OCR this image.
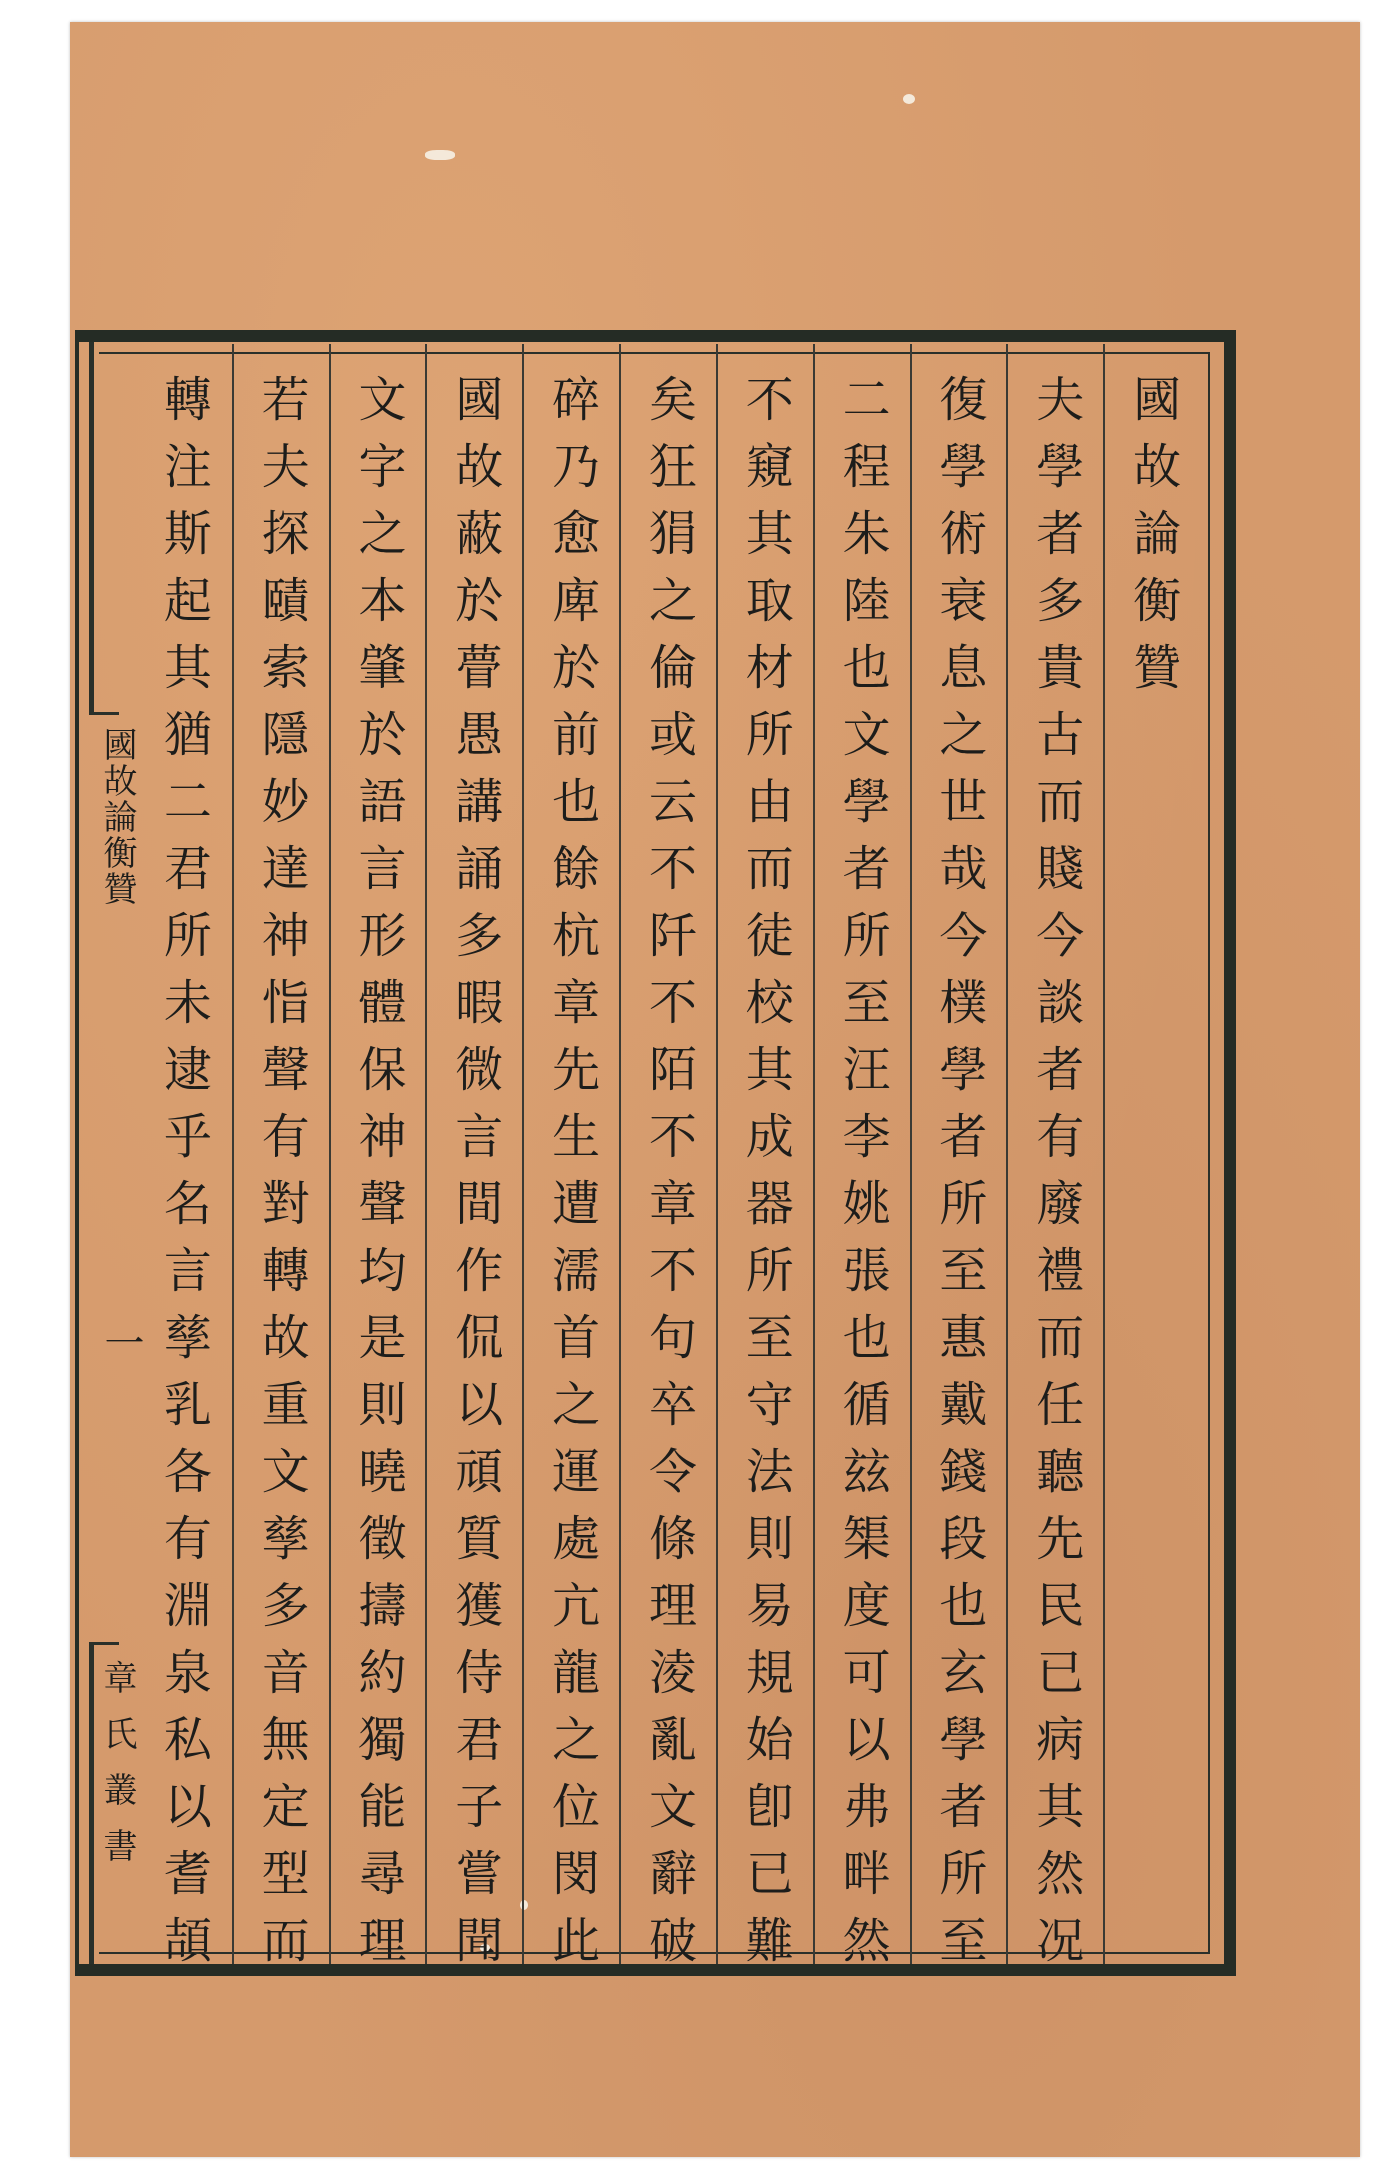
國故論衡贊
一
章氏叢書
國故論衡贊
夫學者多貴古而賤今談者有廢禮而任聽先民已病其然况
復學術衰息之世哉今樸學者所至惠戴錢段也玄學者所至
二程朱陸也文學者所至汪李姚張也循玆榘度可以弗畔然
不窺其取材所由而徒校其成器所至守法則易規始卽已難
矣狂狷之倫或云不阡不陌不章不句卒令條理淩亂文辭破
碎乃愈庳於前也餘杭章先生遭濡首之運處亢龍之位閔此
國故蔽於瞢愚講誦多暇微言間作侃以頑質獲侍君子嘗聞
文字之本肇於語言形體保神聲均是則曉徵擣約獨能尋理
若夫探賾索隱妙達神恉聲有對轉故重文孳多音無定型而
轉注斯起其猶二君所未逮乎名言孳乳各有淵泉私以耆頡
